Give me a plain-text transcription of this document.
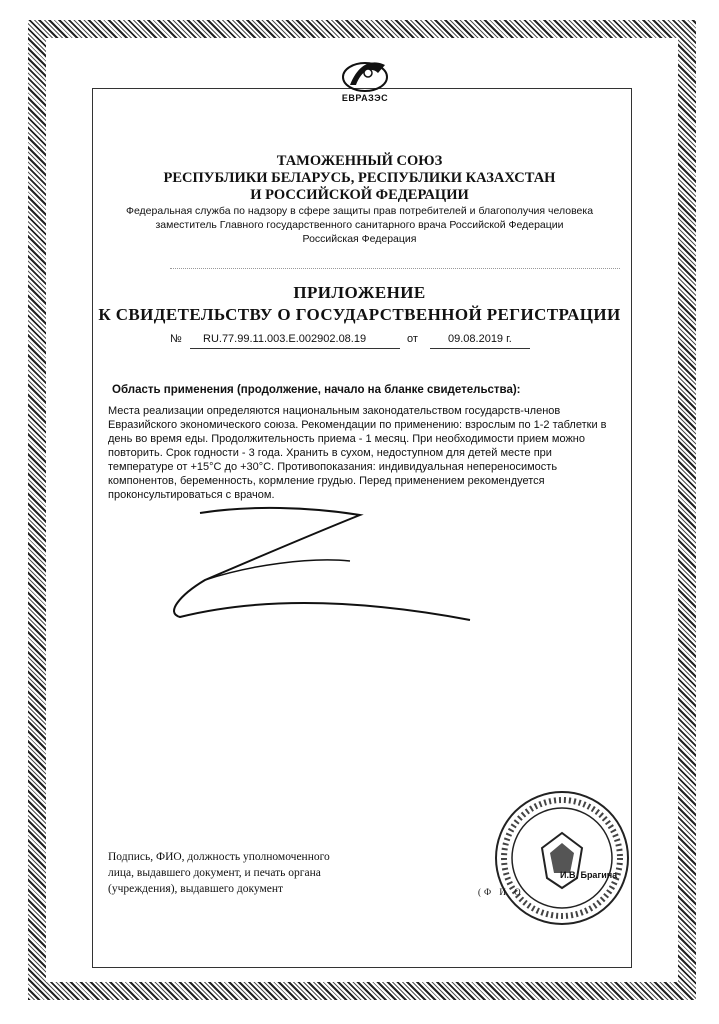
ЕВРАЗЭС
ТАМОЖЕННЫЙ СОЮЗ
РЕСПУБЛИКИ БЕЛАРУСЬ, РЕСПУБЛИКИ КАЗАХСТАН
И РОССИЙСКОЙ ФЕДЕРАЦИИ
Федеральная служба по надзору в сфере защиты прав потребителей и благополучия человека
заместитель Главного государственного санитарного врача Российской Федерации
Российская Федерация
ПРИЛОЖЕНИЕ
К СВИДЕТЕЛЬСТВУ О ГОСУДАРСТВЕННОЙ РЕГИСТРАЦИИ
№ RU.77.99.11.003.Е.002902.08.19	от	09.08.2019 г.
Область применения (продолжение, начало на бланке свидетельства):
Места реализации определяются национальным законодательством государств-членов
Евразийского экономического союза. Рекомендации по применению: взрослым по 1-2 таблетки в
день во время еды. Продолжительность приема - 1 месяц. При необходимости прием можно
повторить. Срок годности - 3 года. Хранить в сухом, недоступном для детей месте при
температуре от +15°С до +30°С. Противопоказания: индивидуальная непереносимость
компонентов, беременность, кормление грудью. Перед применением рекомендуется
проконсультироваться с врачом.
Подпись, ФИО, должность уполномоченного
лица, выдавшего документ, и печать органа
(учреждения), выдавшего документ
И.В. Брагина
(Ф И О
